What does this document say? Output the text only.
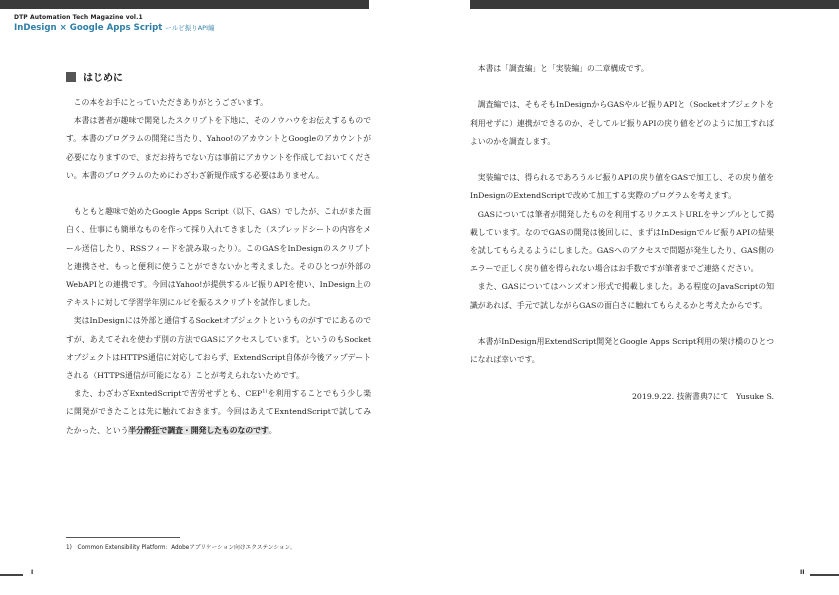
DTP Automation Tech Magazine vol.1
InDesign × Google Apps Script ールビ振りAPI編
はじめに

この本をお手にとっていただきありがとうございます。

本書は著者が趣味で開発したスクリプトを下地に、そのノウハウをお伝えするものです。本書のプログラムの開発に当たり、Yahoo!のアカウントとGoogleのアカウントが必要になりますので、まだお持ちでない方は事前にアカウントを作成しておいてください。本書のプログラムのためにわざわざ新規作成する必要はありません。

もともと趣味で始めたGoogle Apps Script（以下、GAS）でしたが、これがまた面白く、仕事にも簡単なものを作って採り入れてきました（スプレッドシートの内容をメール送信したり、RSSフィードを読み取ったり）。このGASをInDesignのスクリプトと連携させ、もっと便利に使うことができないかと考えました。そのひとつが外部のWebAPIとの連携です。今回はYahoo!が提供するルビ振りAPIを使い、InDesign上のテキストに対して学習学年別にルビを振るスクリプトを試作しました。

実はInDesignには外部と通信するSocketオブジェクトというものがすでにあるのですが、あえてそれを使わず別の方法でGASにアクセスしています。というのもSocketオブジェクトはHTTPS通信に対応しておらず、ExtendScript自体が今後アップデートされる（HTTPS通信が可能になる）ことが考えられないためです。

また、わざわざExntedScriptで苦労せずとも、CEP$^{1)}$を利用することでもう少し楽に開発ができたことは先に触れておきます。今回はあえてExntendScriptで試してみたかった、という半分酔狂で調査・開発したものなのです。

1)　Common Extensibility Platform：Adobeアプリケーション向けエクステンション。
I

本書は「調査編」と「実装編」の二章構成です。

調査編では、そもそもInDesignからGASやルビ振りAPIと（Socketオブジェクトを利用せずに）連携ができるのか、そしてルビ振りAPIの戻り値をどのように加工すればよいのかを調査します。

実装編では、得られるであろうルビ振りAPIの戻り値をGASで加工し、その戻り値をInDesignのExtendScriptで改めて加工する実際のプログラムを考えます。

GASについては筆者が開発したものを利用するリクエストURLをサンプルとして掲載しています。なのでGASの開発は後回しに、まずはInDesignでルビ振りAPIの結果を試してもらえるようにしました。GASへのアクセスで問題が発生したり、GAS側のエラーで正しく戻り値を得られない場合はお手数ですが筆者までご連絡ください。

また、GASについてはハンズオン形式で掲載しました。ある程度のJavaScriptの知識があれば、手元で試しながらGASの面白さに触れてもらえるかと考えたからです。

本書がInDesign用ExtendScript開発とGoogle Apps Script利用の架け橋のひとつになれば幸いです。

2019.9.22. 技術書典7にて　Yusuke S.

II
